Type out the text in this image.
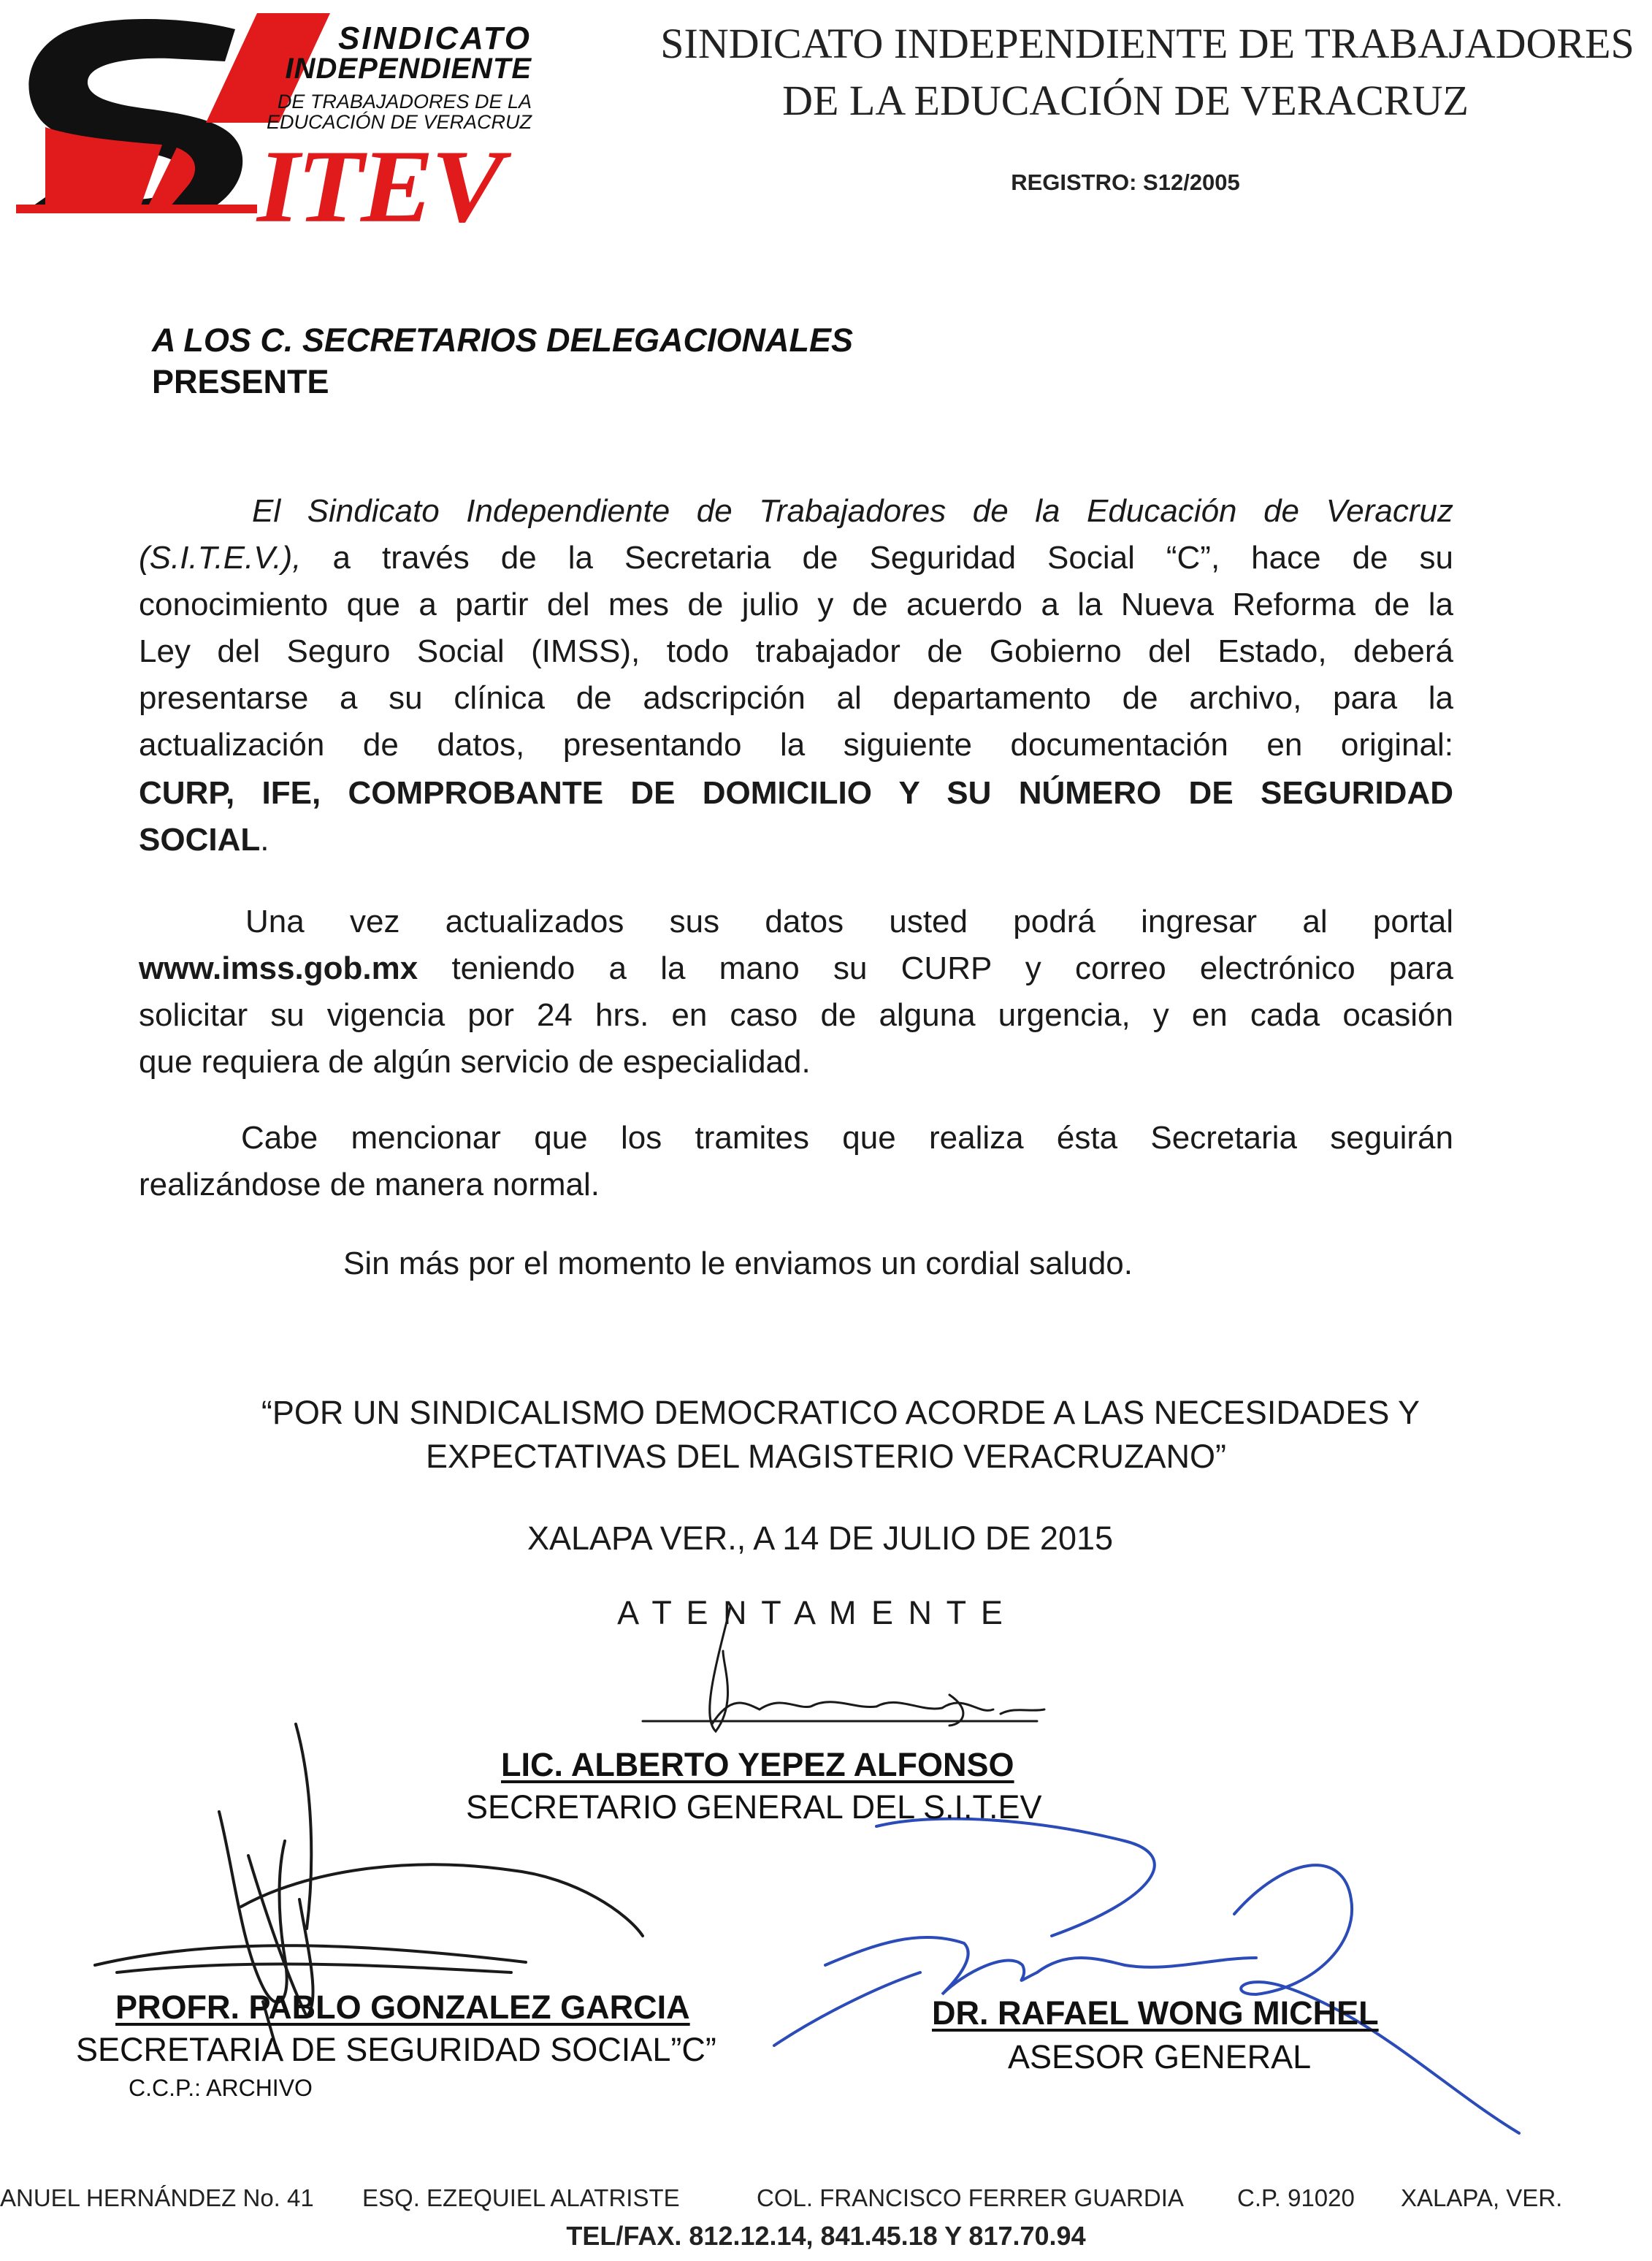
SINDICATO
INDEPENDIENTE
DE TRABAJADORES DE LA
EDUCACIÓN DE VERACRUZ
ITEV
SINDICATO INDEPENDIENTE DE TRABAJADORES
DE LA EDUCACIÓN DE VERACRUZ
REGISTRO: S12/2005
A LOS C. SECRETARIOS DELEGACIONALES
PRESENTE
El Sindicato Independiente de Trabajadores de la Educación de Veracruz
(S.I.T.E.V.), a través de la Secretaria de Seguridad Social “C”, hace de su
conocimiento que a partir del mes de julio y de acuerdo a la Nueva Reforma de la
Ley del Seguro Social (IMSS), todo trabajador de Gobierno del Estado, deberá
presentarse a su clínica de adscripción al departamento de archivo, para la
actualización de datos, presentando la siguiente documentación en original:
CURP, IFE, COMPROBANTE DE DOMICILIO Y SU NÚMERO DE SEGURIDAD
SOCIAL.
Una vez actualizados sus datos usted podrá ingresar al portal
www.imss.gob.mx teniendo a la mano su CURP y correo electrónico para
solicitar su vigencia por 24 hrs. en caso de alguna urgencia, y en cada ocasión
que requiera de algún servicio de especialidad.
Cabe mencionar que los tramites que realiza ésta Secretaria seguirán
realizándose de manera normal.
Sin más por el momento le enviamos un cordial saludo.
“POR UN SINDICALISMO DEMOCRATICO ACORDE A LAS NECESIDADES Y
EXPECTATIVAS DEL MAGISTERIO VERACRUZANO”
XALAPA VER., A 14 DE JULIO DE 2015
A T E N T A M E N T E
LIC. ALBERTO YEPEZ ALFONSO
SECRETARIO GENERAL DEL S.I.T.EV
PROFR. PABLO GONZALEZ GARCIA
SECRETARIA DE SEGURIDAD SOCIAL”C”
C.C.P.: ARCHIVO
DR. RAFAEL WONG MICHEL
ASESOR GENERAL
ANUEL HERNÁNDEZ No. 41 ESQ. EZEQUIEL ALATRISTE	COL. FRANCISCO FERRER GUARDIA C.P. 91020 XALAPA, VER.
TEL/FAX. 812.12.14, 841.45.18 Y 817.70.94
